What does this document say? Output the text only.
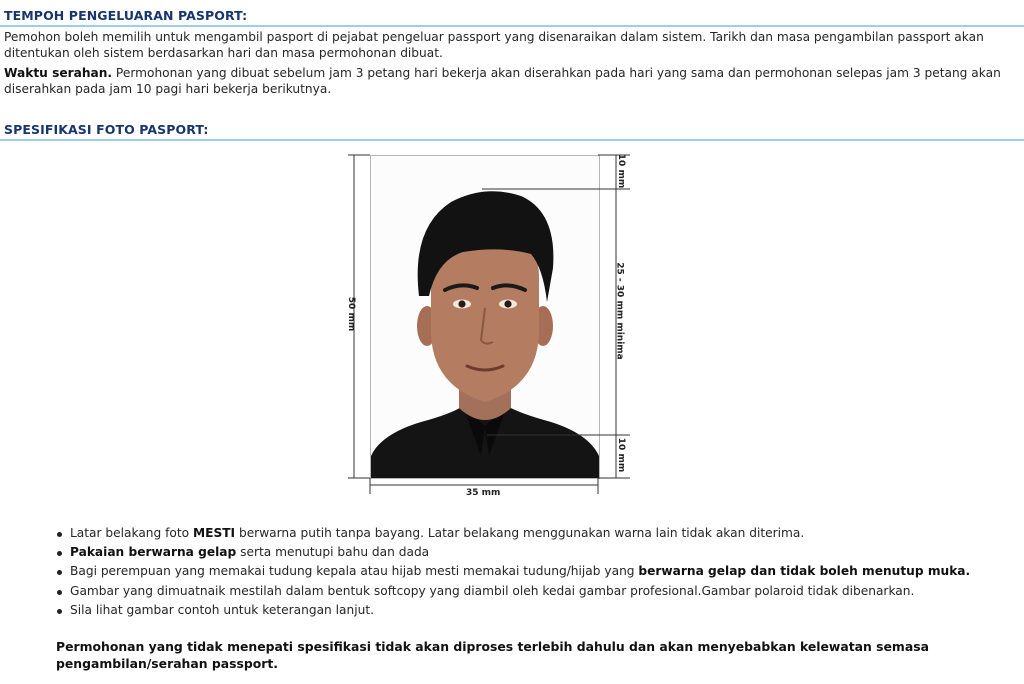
TEMPOH PENGELUARAN PASPORT:

Pemohon boleh memilih untuk mengambil pasport di pejabat pengeluar passport yang disenaraikan dalam sistem. Tarikh dan masa pengambilan passport akan ditentukan oleh sistem berdasarkan hari dan masa permohonan dibuat.

Waktu serahan. Permohonan yang dibuat sebelum jam 3 petang hari bekerja akan diserahkan pada hari yang sama dan permohonan selepas jam 3 petang akan diserahkan pada jam 10 pagi hari bekerja berikutnya.

SPESIFIKASI FOTO PASPORT:
50 mm
35 mm
10 mm
25 - 30 mm minima
10 mm
Latar belakang foto MESTI berwarna putih tanpa bayang. Latar belakang menggunakan warna lain tidak akan diterima.
Pakaian berwarna gelap serta menutupi bahu dan dada
Bagi perempuan yang memakai tudung kepala atau hijab mesti memakai tudung/hijab yang berwarna gelap dan tidak boleh menutup muka.
Gambar yang dimuatnaik mestilah dalam bentuk softcopy yang diambil oleh kedai gambar profesional.Gambar polaroid tidak dibenarkan.
Sila lihat gambar contoh untuk keterangan lanjut.

Permohonan yang tidak menepati spesifikasi tidak akan diproses terlebih dahulu dan akan menyebabkan kelewatan semasa pengambilan/serahan passport.
